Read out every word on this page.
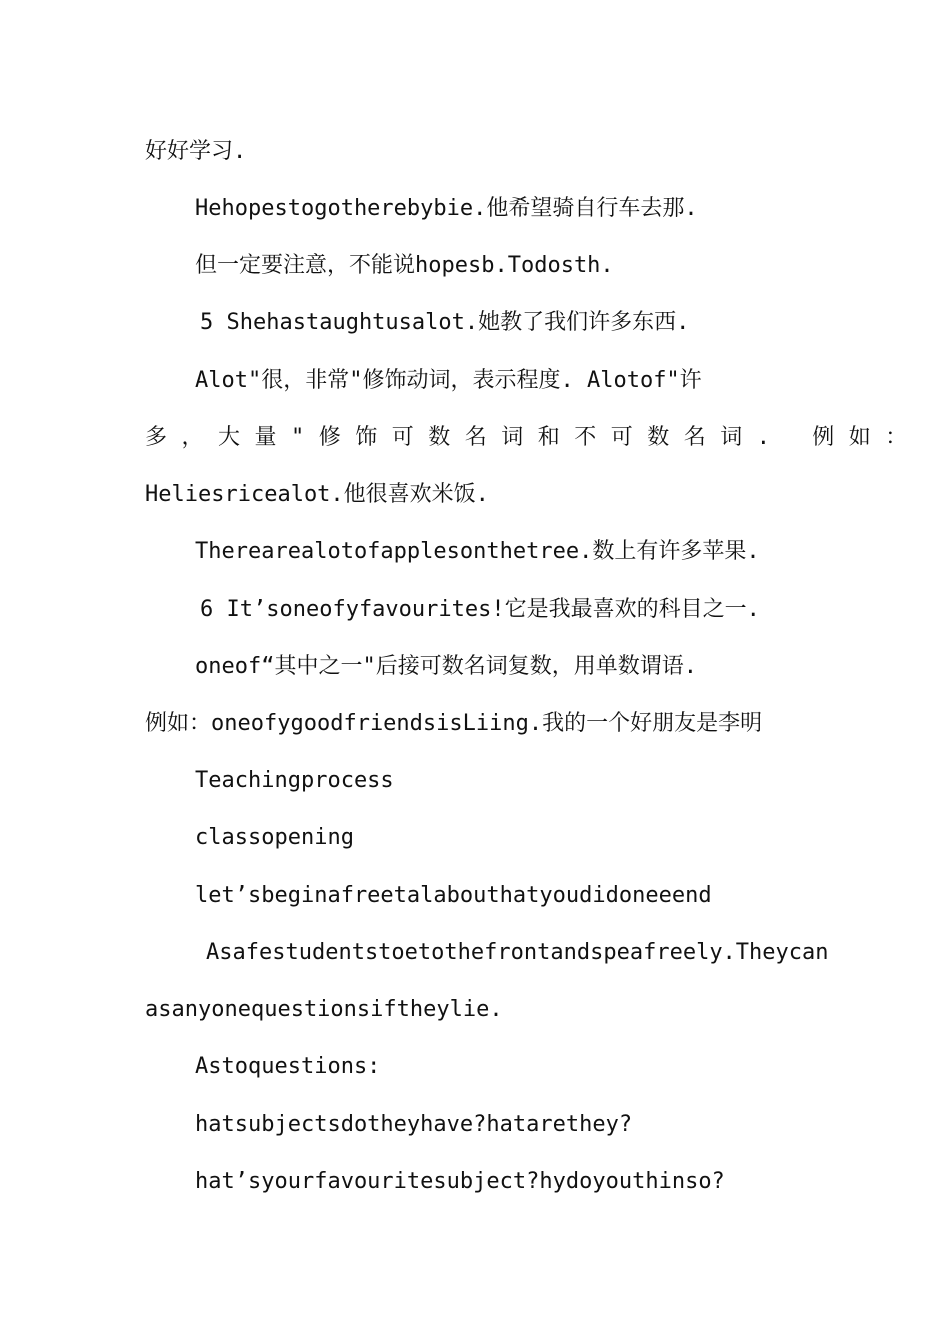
好好学习.
Hehopestogotherebybie.他希望骑自行车去那.
但一定要注意，不能说hopesb.Todosth.
5 Shehastaughtusalot.她教了我们许多东西.
Alot"很，非常"修饰动词，表示程度. Alotof"许
多，大量"修饰可数名词和不可数名词. 例如：
Heliesricealot.他很喜欢米饭.
Therearealotofapplesonthetree.数上有许多苹果.
6 It’soneofyfavourites!它是我最喜欢的科目之一.
oneof“其中之一"后接可数名词复数，用单数谓语.
例如：oneofygoodfriendsisLiing.我的一个好朋友是李明
Teachingprocess
classopening
let’sbeginafreetalabouthatyoudidoneeend
Asafestudentstoetothefrontandspeafreely.Theycan
asanyonequestionsiftheylie.
Astoquestions:
hatsubjectsdotheyhave?hatarethey?
hat’syourfavouritesubject?hydoyouthinso?
